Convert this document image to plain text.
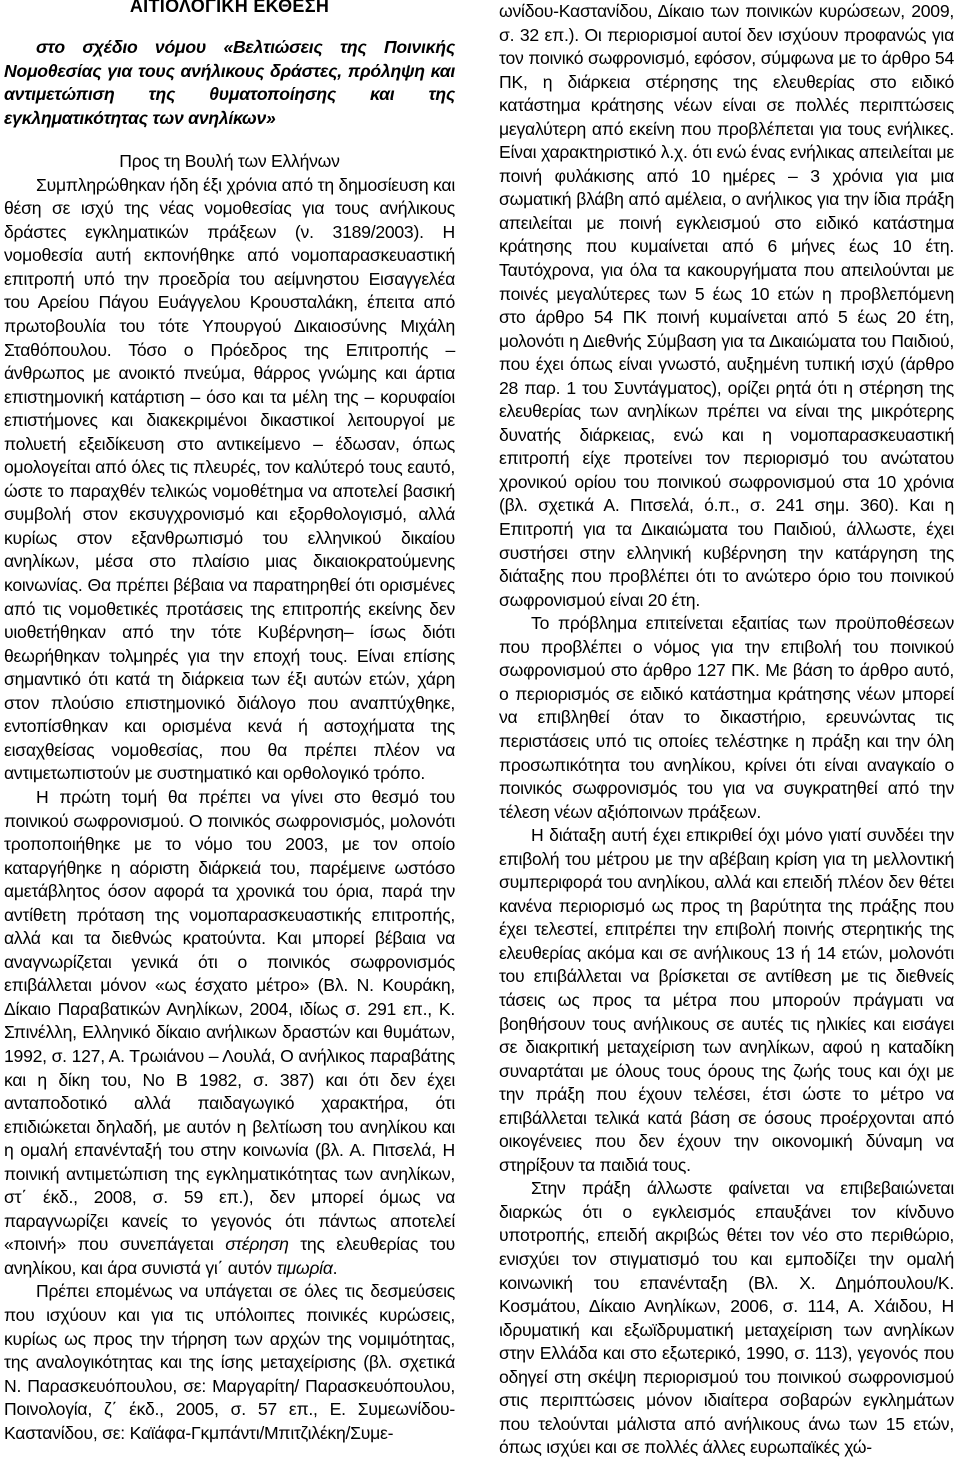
ΑΙΤΙΟΛΟΓΙΚΗ ΕΚΘΕΣΗ

στο σχέδιο νόμου «Βελτιώσεις της Ποινικής Νομοθεσίας για τους ανήλικους δράστες, πρόληψη και αντιμετώπιση της θυματοποίησης και της εγκληματικότητας των ανηλίκων»

Προς τη Βουλή των Ελλήνων

Συμπληρώθηκαν ήδη έξι χρόνια από τη δημοσίευση και θέση σε ισχύ της νέας νομοθεσίας για τους ανήλικους δράστες εγκληματικών πράξεων (ν. 3189/2003). Η νομοθεσία αυτή εκπονήθηκε από νομοπαρασκευαστική επιτροπή υπό την προεδρία του αείμνηστου Εισαγγελέα του Αρείου Πάγου Ευάγγελου Κρουσταλάκη, έπειτα από πρωτοβουλία του τότε Υπουργού Δικαιοσύνης Μιχάλη Σταθόπουλου. Τόσο ο Πρόεδρος της Επιτροπής – άνθρωπος με ανοικτό πνεύμα, θάρρος γνώμης και άρτια επιστημονική κατάρτιση – όσο και τα μέλη της – κορυφαίοι επιστήμονες και διακεκριμένοι δικαστικοί λειτουργοί με πολυετή εξειδίκευση στο αντικείμενο – έδωσαν, όπως ομολογείται από όλες τις πλευρές, τον καλύτερό τους εαυτό, ώστε το παραχθέν τελικώς νομοθέτημα να αποτελεί βασική συμβολή στον εκσυγχρονισμό και εξορθολογισμό, αλλά κυρίως στον εξανθρωπισμό του ελληνικού δικαίου ανηλίκων, μέσα στο πλαίσιο μιας δικαιοκρατούμενης κοινωνίας. Θα πρέπει βέβαια να παρατηρηθεί ότι ορισμένες από τις νομοθετικές προτάσεις της επιτροπής εκείνης δεν υιοθετήθηκαν από την τότε Κυβέρνηση– ίσως διότι θεωρήθηκαν τολμηρές για την εποχή τους. Είναι επίσης σημαντικό ότι κατά τη διάρκεια των έξι αυτών ετών, χάρη στον πλούσιο επιστημονικό διάλογο που αναπτύχθηκε, εντοπίσθηκαν και ορισμένα κενά ή αστοχήματα της εισαχθείσας νομοθεσίας, που θα πρέπει πλέον να αντιμετωπιστούν με συστηματικό και ορθολογικό τρόπο.

Η πρώτη τομή θα πρέπει να γίνει στο θεσμό του ποινικού σωφρονισμού. Ο ποινικός σωφρονισμός, μολονότι τροποποιήθηκε με το νόμο του 2003, με τον οποίο καταργήθηκε η αόριστη διάρκειά του, παρέμεινε ωστόσο αμετάβλητος όσον αφορά τα χρονικά του όρια, παρά την αντίθετη πρόταση της νομοπαρασκευαστικής επιτροπής, αλλά και τα διεθνώς κρατούντα. Και μπορεί βέβαια να αναγνωρίζεται γενικά ότι ο ποινικός σωφρονισμός επιβάλλεται μόνον «ως έσχατο μέτρο» (Βλ. Ν. Κουράκη, Δίκαιο Παραβατικών Ανηλίκων, 2004, ιδίως σ. 291 επ., Κ. Σπινέλλη, Ελληνικό δίκαιο ανήλικων δραστών και θυμάτων, 1992, σ. 127, Α. Τρωιάνου – Λουλά, Ο ανήλικος παραβάτης και η δίκη του, Νο Β 1982, σ. 387) και ότι δεν έχει ανταποδοτικό αλλά παιδαγωγικό χαρακτήρα, ότι επιδιώκεται δηλαδή, με αυτόν η βελτίωση του ανηλίκου και η ομαλή επανένταξή του στην κοινωνία (βλ. Α. Πιτσελά, Η ποινική αντιμετώπιση της εγκληματικότητας των ανηλίκων, στ΄ έκδ., 2008, σ. 59 επ.), δεν μπορεί όμως να παραγνωρίζει κανείς το γεγονός ότι πάντως αποτελεί «ποινή» που συνεπάγεται στέρηση της ελευθερίας του ανηλίκου, και άρα συνιστά γι΄ αυτόν τιμωρία.

Πρέπει επομένως να υπάγεται σε όλες τις δεσμεύσεις που ισχύουν και για τις υπόλοιπες ποινικές κυρώσεις, κυρίως ως προς την τήρηση των αρχών της νομιμότητας, της αναλογικότητας και της ίσης μεταχείρισης (βλ. σχετικά Ν. Παρασκευόπουλου, σε: Μαργαρίτη/ Παρασκευόπουλου, Ποινολογία, ζ΄ έκδ., 2005, σ. 57 επ., Ε. Συμεωνίδου-Καστανίδου, σε: Καϊάφα-Γκμπάντι/Μπιτζιλέκη/Συμε-

ωνίδου-Καστανίδου, Δίκαιο των ποινικών κυρώσεων, 2009, σ. 32 επ.). Οι περιορισμοί αυτοί δεν ισχύουν προφανώς για τον ποινικό σωφρονισμό, εφόσον, σύμφωνα με το άρθρο 54 ΠΚ, η διάρκεια στέρησης της ελευθερίας στο ειδικό κατάστημα κράτησης νέων είναι σε πολλές περιπτώσεις μεγαλύτερη από εκείνη που προβλέπεται για τους ενήλικες. Είναι χαρακτηριστικό λ.χ. ότι ενώ ένας ενήλικας απειλείται με ποινή φυλάκισης από 10 ημέρες – 3 χρόνια για μια σωματική βλάβη από αμέλεια, ο ανήλικος για την ίδια πράξη απειλείται με ποινή εγκλεισμού στο ειδικό κατάστημα κράτησης που κυμαίνεται από 6 μήνες έως 10 έτη. Ταυτόχρονα, για όλα τα κακουργήματα που απειλούνται με ποινές μεγαλύτερες των 5 έως 10 ετών η προβλεπόμενη στο άρθρο 54 ΠΚ ποινή κυμαίνεται από 5 έως 20 έτη, μολονότι η Διεθνής Σύμβαση για τα Δικαιώματα του Παιδιού, που έχει όπως είναι γνωστό, αυξημένη τυπική ισχύ (άρθρο 28 παρ. 1 του Συντάγματος), ορίζει ρητά ότι η στέρηση της ελευθερίας των ανηλίκων πρέπει να είναι της μικρότερης δυνατής διάρκειας, ενώ και η νομοπαρασκευαστική επιτροπή είχε προτείνει τον περιορισμό του ανώτατου χρονικού ορίου του ποινικού σωφρονισμού στα 10 χρόνια (βλ. σχετικά Α. Πιτσελά, ό.π., σ. 241 σημ. 360). Και η Επιτροπή για τα Δικαιώματα του Παιδιού, άλλωστε, έχει συστήσει στην ελληνική κυβέρνηση την κατάργηση της διάταξης που προβλέπει ότι το ανώτερο όριο του ποινικού σωφρονισμού είναι 20 έτη.

Το πρόβλημα επιτείνεται εξαιτίας των προϋποθέσεων που προβλέπει ο νόμος για την επιβολή του ποινικού σωφρονισμού στο άρθρο 127 ΠΚ. Με βάση το άρθρο αυτό, ο περιορισμός σε ειδικό κατάστημα κράτησης νέων μπορεί να επιβληθεί όταν το δικαστήριο, ερευνώντας τις περιστάσεις υπό τις οποίες τελέστηκε η πράξη και την όλη προσωπικότητα του ανηλίκου, κρίνει ότι είναι αναγκαίο ο ποινικός σωφρονισμός του για να συγκρατηθεί από την τέλεση νέων αξιόποινων πράξεων.

Η διάταξη αυτή έχει επικριθεί όχι μόνο γιατί συνδέει την επιβολή του μέτρου με την αβέβαιη κρίση για τη μελλοντική συμπεριφορά του ανηλίκου, αλλά και επειδή πλέον δεν θέτει κανένα περιορισμό ως προς τη βαρύτητα της πράξης που έχει τελεστεί, επιτρέπει την επιβολή ποινής στερητικής της ελευθερίας ακόμα και σε ανήλικους 13 ή 14 ετών, μολονότι του επιβάλλεται να βρίσκεται σε αντίθεση με τις διεθνείς τάσεις ως προς τα μέτρα που μπορούν πράγματι να βοηθήσουν τους ανήλικους σε αυτές τις ηλικίες και εισάγει σε διακριτική μεταχείριση των ανηλίκων, αφού η καταδίκη συναρτάται με όλους τους όρους της ζωής τους και όχι με την πράξη που έχουν τελέσει, έτσι ώστε το μέτρο να επιβάλλεται τελικά κατά βάση σε όσους προέρχονται από οικογένειες που δεν έχουν την οικονομική δύναμη να στηρίξουν τα παιδιά τους.

Στην πράξη άλλωστε φαίνεται να επιβεβαιώνεται διαρκώς ότι ο εγκλεισμός επαυξάνει τον κίνδυνο υποτροπής, επειδή ακριβώς θέτει τον νέο στο περιθώριο, ενισχύει τον στιγματισμό του και εμποδίζει την ομαλή κοινωνική του επανένταξη (Βλ. Χ. Δημόπουλου/Κ. Κοσμάτου, Δίκαιο Ανηλίκων, 2006, σ. 114, Α. Χάιδου, Η ιδρυματική και εξωϊδρυματική μεταχείριση των ανηλίκων στην Ελλάδα και στο εξωτερικό, 1990, σ. 113), γεγονός που οδηγεί στη σκέψη περιορισμού του ποινικού σωφρονισμού στις περιπτώσεις μόνον ιδιαίτερα σοβαρών εγκλημάτων που τελούνται μάλιστα από ανήλικους άνω των 15 ετών, όπως ισχύει και σε πολλές άλλες ευρωπαϊκές χώ-
